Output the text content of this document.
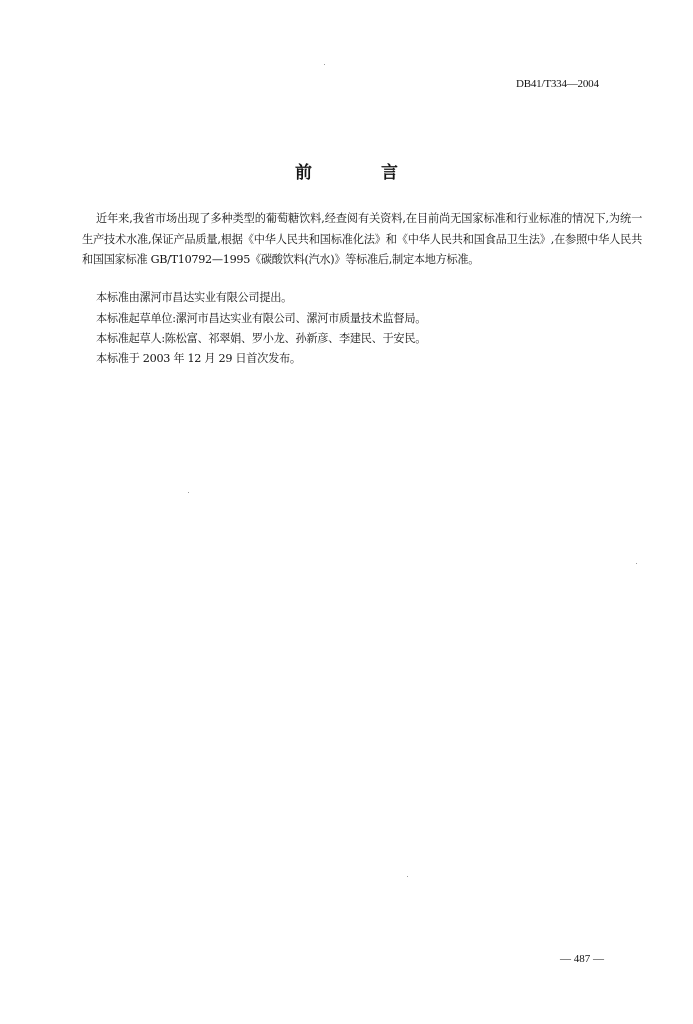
DB41/T334—2004
前　言
近年来,我省市场出现了多种类型的葡萄糖饮料,经查阅有关资料,在目前尚无国家标准和行业标准的情况下,为统一生产技术水准,保证产品质量,根据《中华人民共和国标准化法》和《中华人民共和国食品卫生法》,在参照中华人民共和国国家标准 GB/T10792—1995《碳酸饮料(汽水)》等标准后,制定本地方标准。
本标准由漯河市昌达实业有限公司提出。
本标准起草单位:漯河市昌达实业有限公司、漯河市质量技术监督局。
本标准起草人:陈松富、祁翠娟、罗小龙、孙新彦、李建民、于安民。
本标准于 2003 年 12 月 29 日首次发布。
— 487 —
